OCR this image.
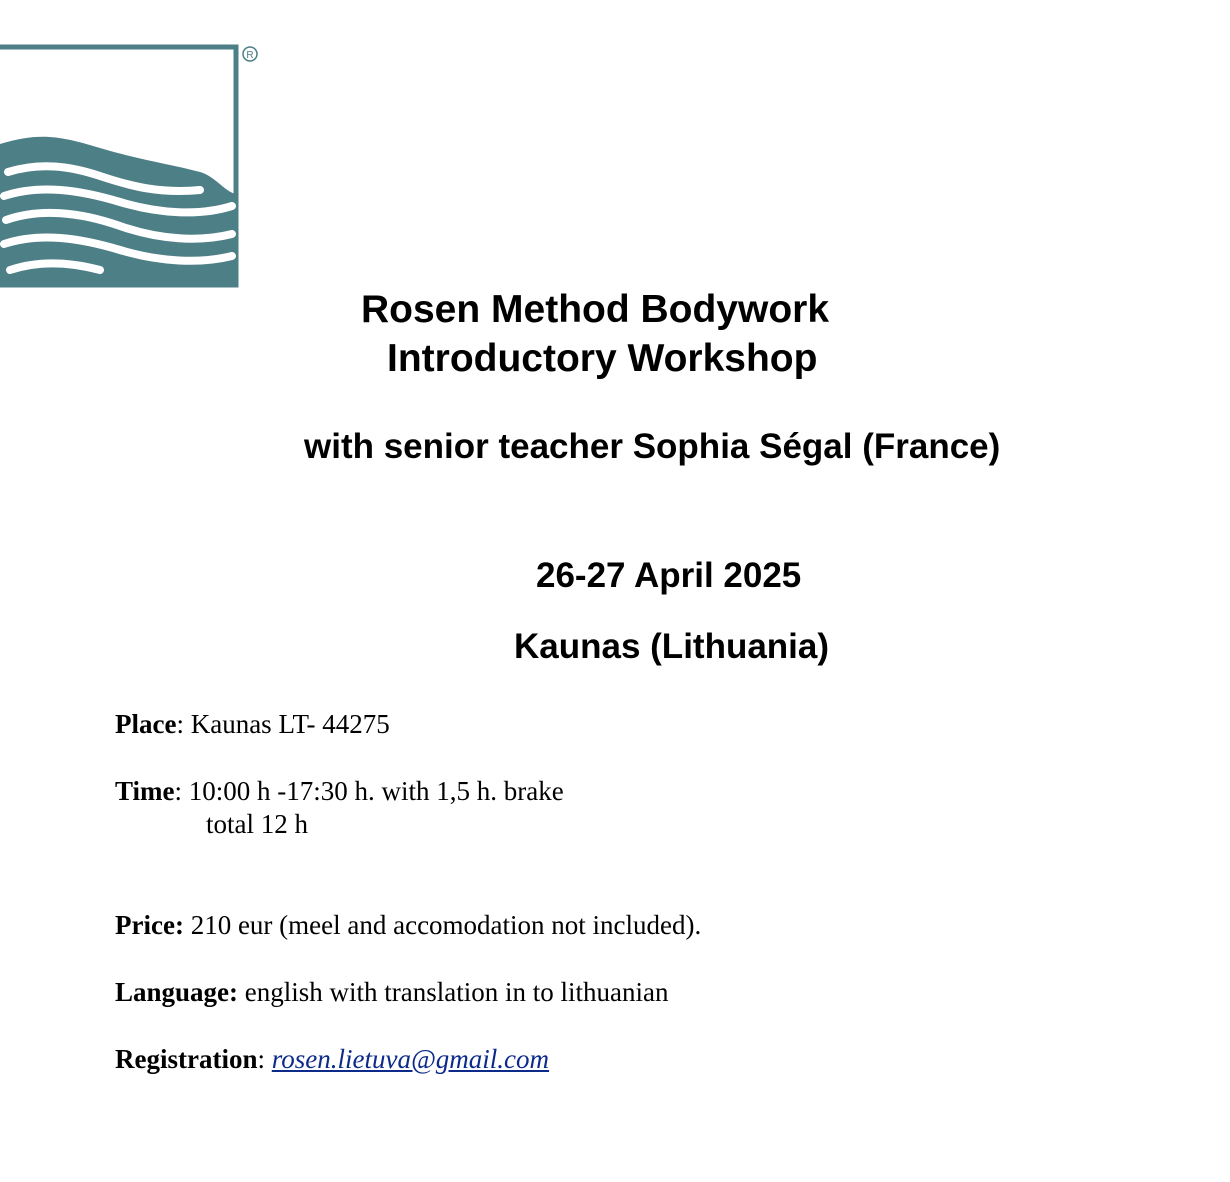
R
Rosen Method Bodywork
Introductory Workshop
with senior teacher Sophia Ségal (France)
26-27 April 2025
Kaunas (Lithuania)
Place: Kaunas LT- 44275
Time: 10:00 h -17:30 h. with 1,5 h. brake
total 12 h
Price: 210 eur (meel and accomodation not included).
Language: english with translation in to lithuanian
Registration: rosen.lietuva@gmail.com
